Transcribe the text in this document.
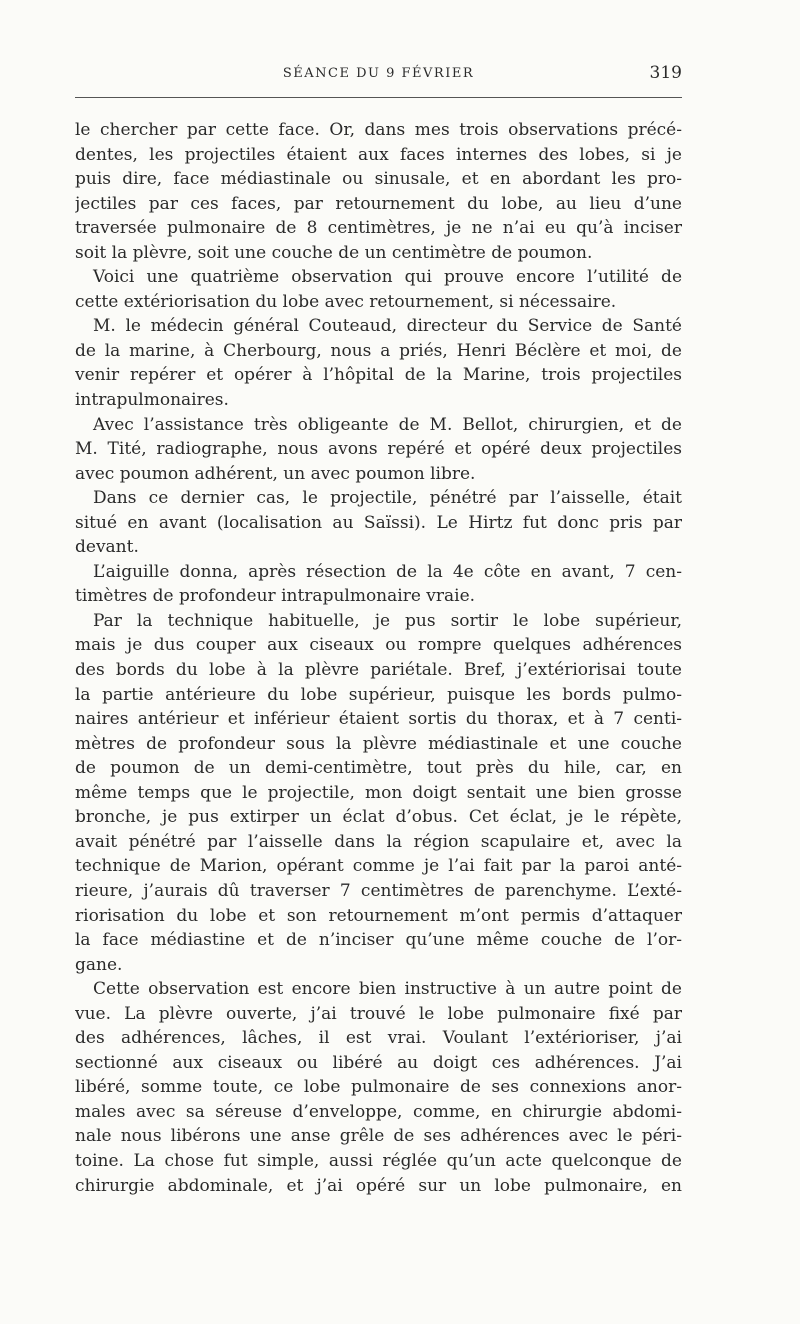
SÉANCE DU 9 FÉVRIER	319
le chercher par cette face. Or, dans mes trois observations précé-
dentes, les projectiles étaient aux faces internes des lobes, si je
puis dire, face médiastinale ou sinusale, et en abordant les pro-
jectiles par ces faces, par retournement du lobe, au lieu d’une
traversée pulmonaire de 8 centimètres, je ne n’ai eu qu’à inciser
soit la plèvre, soit une couche de un centimètre de poumon.
Voici une quatrième observation qui prouve encore l’utilité de
cette extériorisation du lobe avec retournement, si nécessaire.
M. le médecin général Couteaud, directeur du Service de Santé
de la marine, à Cherbourg, nous a priés, Henri Béclère et moi, de
venir repérer et opérer à l’hôpital de la Marine, trois projectiles
intrapulmonaires.
Avec l’assistance très obligeante de M. Bellot, chirurgien, et de
M. Tité, radiographe, nous avons repéré et opéré deux projectiles
avec poumon adhérent, un avec poumon libre.
Dans ce dernier cas, le projectile, pénétré par l’aisselle, était
situé en avant (localisation au Saïssi). Le Hirtz fut donc pris par
devant.
L’aiguille donna, après résection de la 4e côte en avant, 7 cen-
timètres de profondeur intrapulmonaire vraie.
Par la technique habituelle, je pus sortir le lobe supérieur,
mais je dus couper aux ciseaux ou rompre quelques adhérences
des bords du lobe à la plèvre pariétale. Bref, j’extériorisai toute
la partie antérieure du lobe supérieur, puisque les bords pulmo-
naires antérieur et inférieur étaient sortis du thorax, et à 7 centi-
mètres de profondeur sous la plèvre médiastinale et une couche
de poumon de un demi-centimètre, tout près du hile, car, en
même temps que le projectile, mon doigt sentait une bien grosse
bronche, je pus extirper un éclat d’obus. Cet éclat, je le répète,
avait pénétré par l’aisselle dans la région scapulaire et, avec la
technique de Marion, opérant comme je l’ai fait par la paroi anté-
rieure, j’aurais dû traverser 7 centimètres de parenchyme. L’exté-
riorisation du lobe et son retournement m’ont permis d’attaquer
la face médiastine et de n’inciser qu’une même couche de l’or-
gane.
Cette observation est encore bien instructive à un autre point de
vue. La plèvre ouverte, j’ai trouvé le lobe pulmonaire fixé par
des adhérences, lâches, il est vrai. Voulant l’extérioriser, j’ai
sectionné aux ciseaux ou libéré au doigt ces adhérences. J’ai
libéré, somme toute, ce lobe pulmonaire de ses connexions anor-
males avec sa séreuse d’enveloppe, comme, en chirurgie abdomi-
nale nous libérons une anse grêle de ses adhérences avec le péri-
toine. La chose fut simple, aussi réglée qu’un acte quelconque de
chirurgie abdominale, et j’ai opéré sur un lobe pulmonaire, en
